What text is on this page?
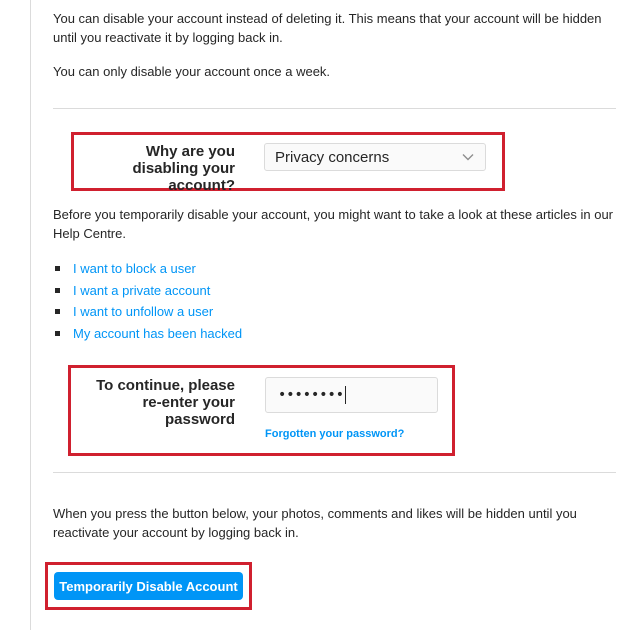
You can disable your account instead of deleting it. This means that your account will be hidden until you reactivate it by logging back in.
You can only disable your account once a week.
Why are you disabling your account?
Privacy concerns
Before you temporarily disable your account, you might want to take a look at these articles in our Help Centre.
I want to block a user
I want a private account
I want to unfollow a user
My account has been hacked
To continue, please re-enter your password
••••••••
Forgotten your password?
When you press the button below, your photos, comments and likes will be hidden until you reactivate your account by logging back in.
Temporarily Disable Account
